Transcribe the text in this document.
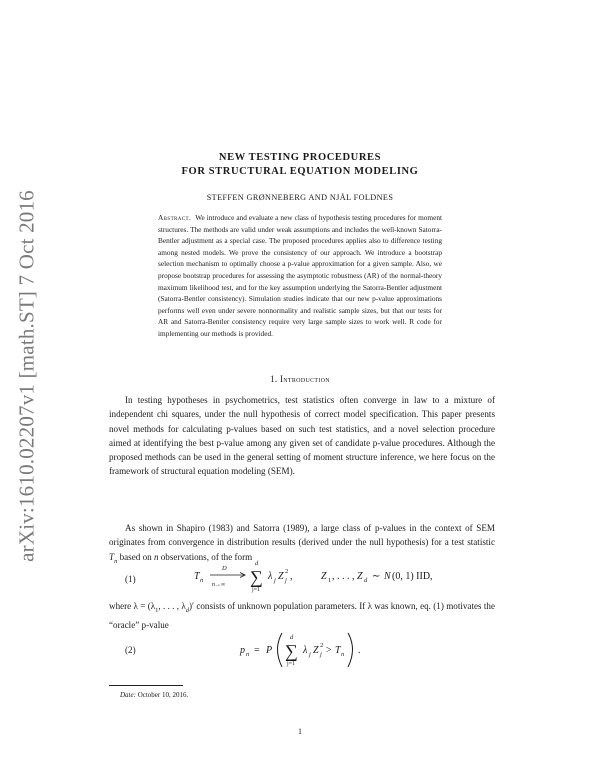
arXiv:1610.02207v1 [math.ST] 7 Oct 2016
NEW TESTING PROCEDURES
FOR STRUCTURAL EQUATION MODELING
STEFFEN GRØNNEBERG AND NJÅL FOLDNES
Abstract. We introduce and evaluate a new class of hypothesis testing procedures for moment structures. The methods are valid under weak assumptions and includes the well-known Satorra-Bentler adjustment as a special case. The proposed procedures applies also to difference testing among nested models. We prove the consistency of our approach. We introduce a bootstrap selection mechanism to optimally choose a p-value approximation for a given sample. Also, we propose bootstrap procedures for assessing the asymptotic robustness (AR) of the normal-theory maximum likelihood test, and for the key assumption underlying the Satorra-Bentler adjustment (Satorra-Bentler consistency). Simulation studies indicate that our new p-value approximations performs well even under severe nonnormality and realistic sample sizes, but that our tests for AR and Satorra-Bentler consistency require very large sample sizes to work well. R code for implementing our methods is provided.
1. Introduction
In testing hypotheses in psychometrics, test statistics often converge in law to a mixture of independent chi squares, under the null hypothesis of correct model specification. This paper presents novel methods for calculating p-values based on such test statistics, and a novel selection procedure aimed at identifying the best p-value among any given set of candidate p-value procedures. Although the proposed methods can be used in the general setting of moment structure inference, we here focus on the framework of structural equation modeling (SEM).
As shown in Shapiro (1983) and Satorra (1989), a large class of p-values in the context of SEM originates from convergence in distribution results (derived under the null hypothesis) for a test statistic $T_n$ based on n observations, of the form
(1)	T n
D
n→∞
d
∑
j=1
λ j Z 2
j ,	Z 1 , . . . , Z d ∼ N (0, 1) IID,
where $\lambda = (\lambda_1$, . . . , $\lambda_d)'$ consists of unknown population parameters. If λ was known, eq. (1) motivates the “oracle” p-value
(2)	p n = P
d
∑
j=1
λ j Z 2
j > T n .
Date: October 10, 2016.
1
